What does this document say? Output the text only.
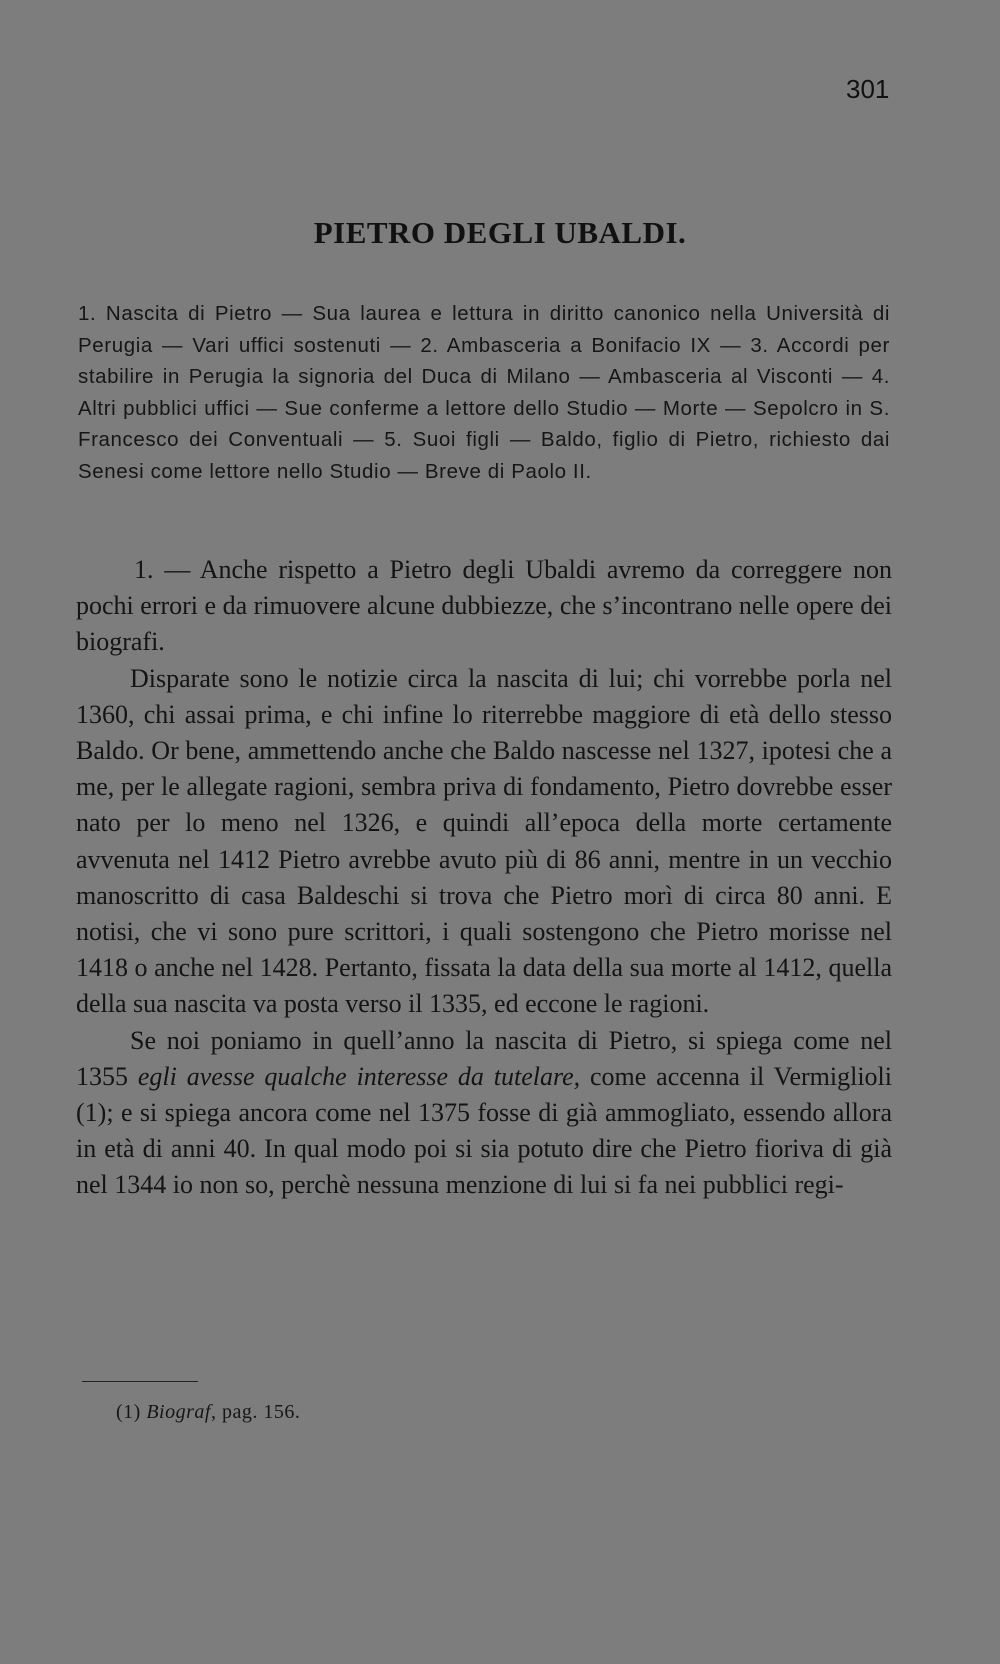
301
PIETRO DEGLI UBALDI.
1. Nascita di Pietro — Sua laurea e lettura in diritto canonico nella Università di Perugia — Vari uffici sostenuti — 2. Ambasceria a Bonifacio IX — 3. Accordi per stabilire in Perugia la signoria del Duca di Milano — Ambasceria al Visconti — 4. Altri pubblici uffici — Sue conferme a lettore dello Studio — Morte — Sepolcro in S. Francesco dei Conventuali — 5. Suoi figli — Baldo, figlio di Pietro, richiesto dai Senesi come lettore nello Studio — Breve di Paolo II.

1. — Anche rispetto a Pietro degli Ubaldi avremo da correggere non pochi errori e da rimuovere alcune dubbiezze, che s’incontrano nelle opere dei biografi.

Disparate sono le notizie circa la nascita di lui; chi vorrebbe porla nel 1360, chi assai prima, e chi infine lo riterrebbe maggiore di età dello stesso Baldo. Or bene, ammettendo anche che Baldo nascesse nel 1327, ipotesi che a me, per le allegate ragioni, sembra priva di fondamento, Pietro dovrebbe esser nato per lo meno nel 1326, e quindi all’epoca della morte certamente avvenuta nel 1412 Pietro avrebbe avuto più di 86 anni, mentre in un vecchio manoscritto di casa Baldeschi si trova che Pietro morì di circa 80 anni. E notisi, che vi sono pure scrittori, i quali sostengono che Pietro morisse nel 1418 o anche nel 1428. Pertanto, fissata la data della sua morte al 1412, quella della sua nascita va posta verso il 1335, ed eccone le ragioni.

Se noi poniamo in quell’anno la nascita di Pietro, si spiega come nel 1355 egli avesse qualche interesse da tutelare, come accenna il Vermiglioli (1); e si spiega ancora come nel 1375 fosse di già ammogliato, essendo allora in età di anni 40. In qual modo poi si sia potuto dire che Pietro fioriva di già nel 1344 io non so, perchè nessuna menzione di lui si fa nei pubblici regi-

(1) Biograf, pag. 156.
